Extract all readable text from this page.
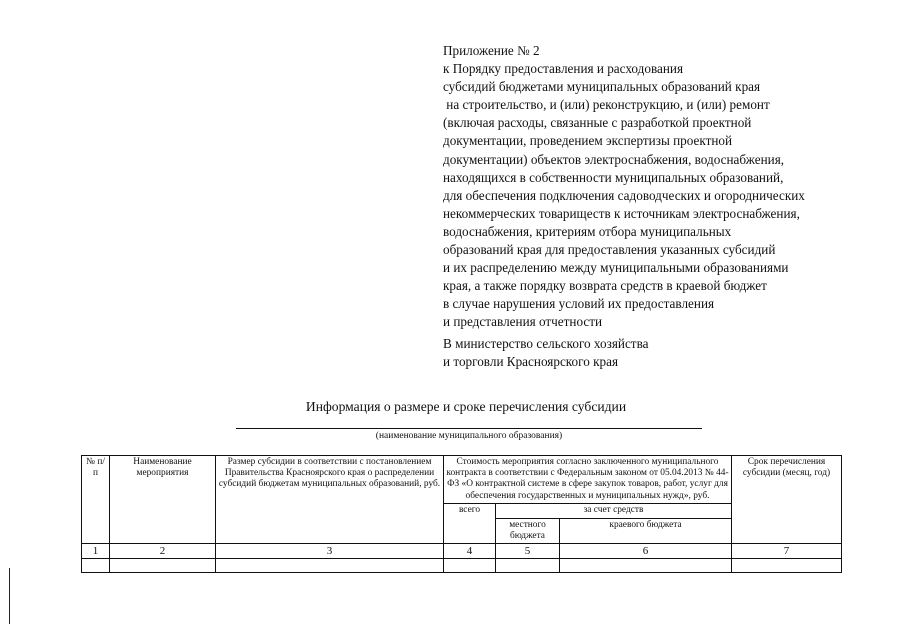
Приложение № 2
к Порядку предоставления и расходования
субсидий бюджетами муниципальных образований края
на строительство, и (или) реконструкцию, и (или) ремонт
(включая расходы, связанные с разработкой проектной
документации, проведением экспертизы проектной
документации) объектов электроснабжения, водоснабжения,
находящихся в собственности муниципальных образований,
для обеспечения подключения садоводческих и огороднических
некоммерческих товариществ к источникам электроснабжения,
водоснабжения, критериям отбора муниципальных
образований края для предоставления указанных субсидий
и их распределению между муниципальными образованиями
края, а также порядку возврата средств в краевой бюджет
в случае нарушения условий их предоставления
и представления отчетности
В министерство сельского хозяйства
и торговли Красноярского края
Информация о размере и сроке перечисления субсидии
(наименование муниципального образования)
№ п/п	Наименование мероприятия	Размер субсидии в соответствии с постановлением Правительства Красноярского края о распределении субсидий бюджетам муниципальных образований, руб.	Стоимость мероприятия согласно заключенного муниципального контракта в соответствии с Федеральным законом от 05.04.2013 № 44-ФЗ «О контрактной системе в сфере закупок товаров, работ, услуг для обеспечения государственных и муниципальных нужд», руб.			Срок перечисления субсидии (месяц, год)
			всего	за счет средств		
				местного бюджета	краевого бюджета	
1	2	3	4	5	6	7
